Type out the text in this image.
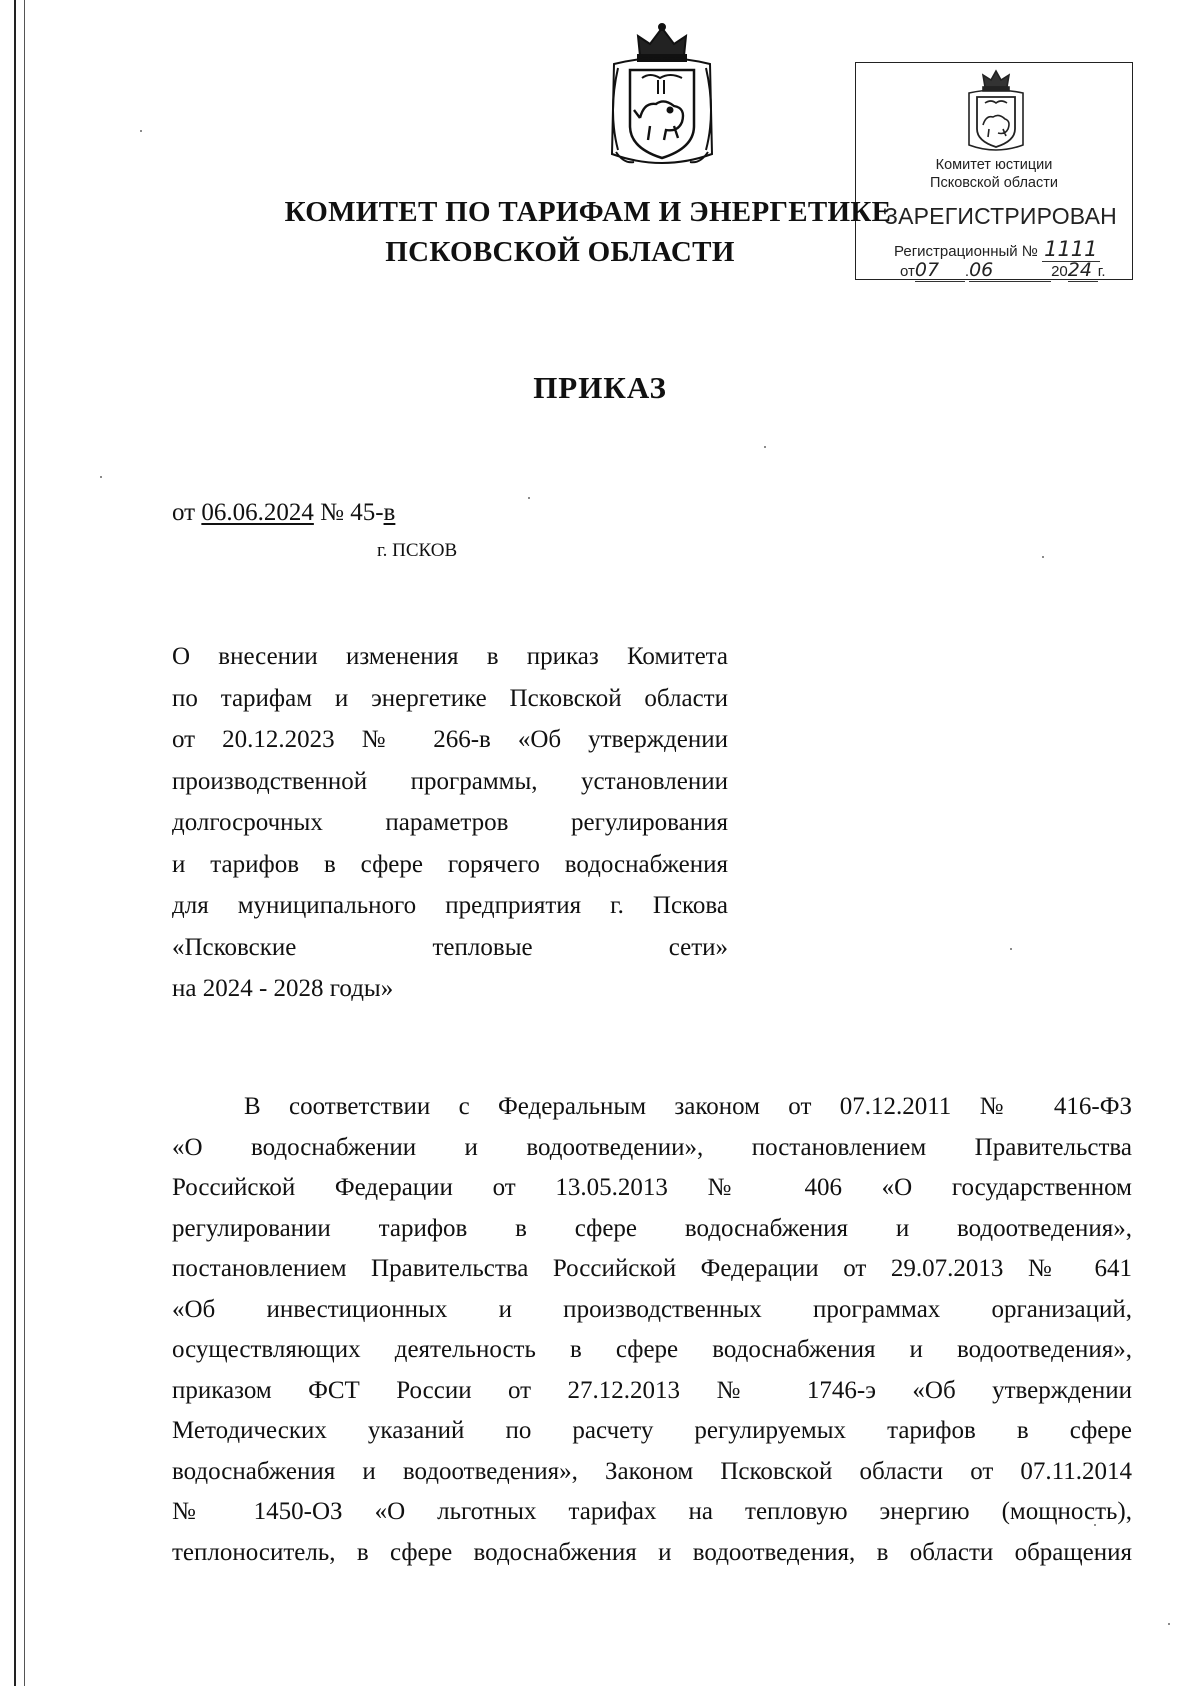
Комитет юстиции
Псковской области
ЗАРЕГИСТРИРОВАН
Регистрационный № 1111
от07 .06	2024 г.
КОМИТЕТ ПО ТАРИФАМ И ЭНЕРГЕТИКЕ
ПСКОВСКОЙ ОБЛАСТИ
ПРИКАЗ
от 06.06.2024 № 45-в
г. ПСКОВ
О внесении изменения в приказ Комитета
по тарифам и энергетике Псковской области
от 20.12.2023 № 266-в «Об утверждении
производственной программы, установлении
долгосрочных параметров регулирования
и тарифов в сфере горячего водоснабжения
для муниципального предприятия г. Пскова
«Псковские тепловые сети»
на 2024 - 2028 годы»
В соответствии с Федеральным законом от 07.12.2011 № 416-ФЗ
«О водоснабжении и водоотведении», постановлением Правительства
Российской Федерации от 13.05.2013 № 406 «О государственном
регулировании тарифов в сфере водоснабжения и водоотведения»,
постановлением Правительства Российской Федерации от 29.07.2013 № 641
«Об инвестиционных и производственных программах организаций,
осуществляющих деятельность в сфере водоснабжения и водоотведения»,
приказом ФСТ России от 27.12.2013 № 1746-э «Об утверждении
Методических указаний по расчету регулируемых тарифов в сфере
водоснабжения и водоотведения», Законом Псковской области от 07.11.2014
№ 1450-ОЗ «О льготных тарифах на тепловую энергию (мощность),
теплоноситель, в сфере водоснабжения и водоотведения, в области обращения
